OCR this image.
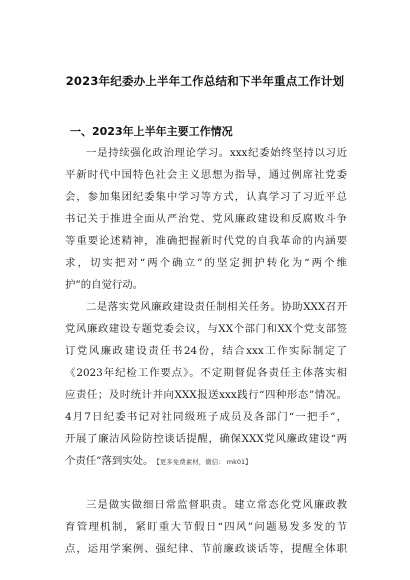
2023年纪委办上半年工作总结和下半年重点工作计划
一、2023年上半年主要工作情况
一是持续强化政治理论学习。xxx纪委始终坚持以习近
平新时代中国特色社会主义思想为指导，通过例席社党委
会，参加集团纪委集中学习等方式，认真学习了习近平总
书记关于推进全面从严治党、党风廉政建设和反腐败斗争
等重要论述精神，准确把握新时代党的自我革命的内涵要
求，切实把对“两个确立”的坚定拥护转化为“两个维
护”的自觉行动。
二是落实党风廉政建设责任制相关任务。协助XXX召开
党风廉政建设专题党委会议，与XX个部门和XX个党支部签
订党风廉政建设责任书24份，结合xxx工作实际制定了
《2023年纪检工作要点》。不定期督促各责任主体落实相
应责任；及时统计并向XXX报送xxx践行“四种形态”情况。
4月7日纪委书记对社同级班子成员及各部门“一把手”，
开展了廉洁风险防控谈话提醒，确保XXX党风廉政建设“两
个责任”落到实处。 【更多免费素材，微信： mk01】
三是做实做细日常监督职责。建立常态化党风廉政教
育管理机制，紧盯重大节假日“四风”问题易发多发的节
点，运用学案例、强纪律、节前廉政谈话等，提醒全体职
